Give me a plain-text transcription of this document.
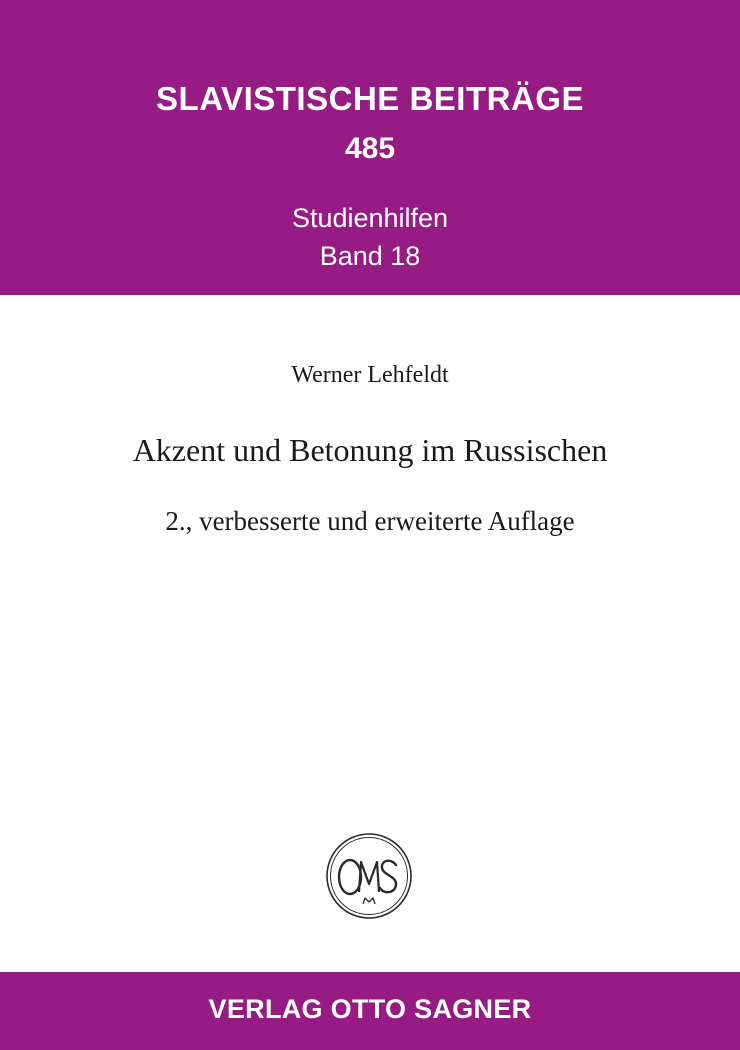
SLAVISTISCHE BEITRÄGE
485
Studienhilfen
Band 18
Werner Lehfeldt
Akzent und Betonung im Russischen
2., verbesserte und erweiterte Auflage
VERLAG OTTO SAGNER
